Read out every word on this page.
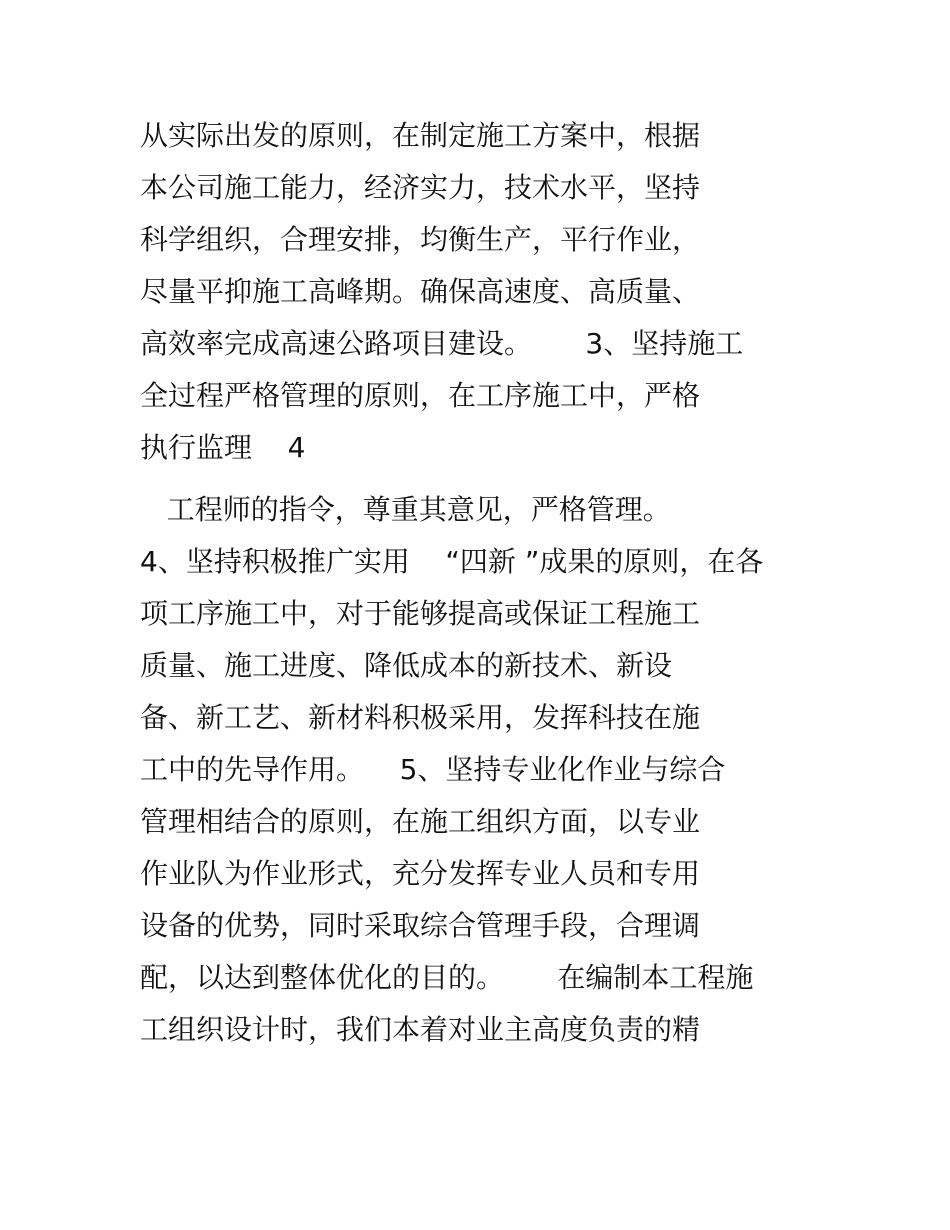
从实际出发的原则，在制定施工方案中，根据
本公司施工能力，经济实力，技术水平，坚持
科学组织，合理安排，均衡生产，平行作业，
尽量平抑施工高峰期。确保高速度、高质量、
高效率完成高速公路项目建设。      3、坚持施工
全过程严格管理的原则，在工序施工中，严格
执行监理    4
工程师的指令，尊重其意见，严格管理。
4、坚持积极推广实用    “四新 ”成果的原则，在各
项工序施工中，对于能够提高或保证工程施工
质量、施工进度、降低成本的新技术、新设
备、新工艺、新材料积极采用，发挥科技在施
工中的先导作用。    5、坚持专业化作业与综合
管理相结合的原则，在施工组织方面，以专业
作业队为作业形式，充分发挥专业人员和专用
设备的优势，同时采取综合管理手段，合理调
配，以达到整体优化的目的。      在编制本工程施
工组织设计时，我们本着对业主高度负责的精
